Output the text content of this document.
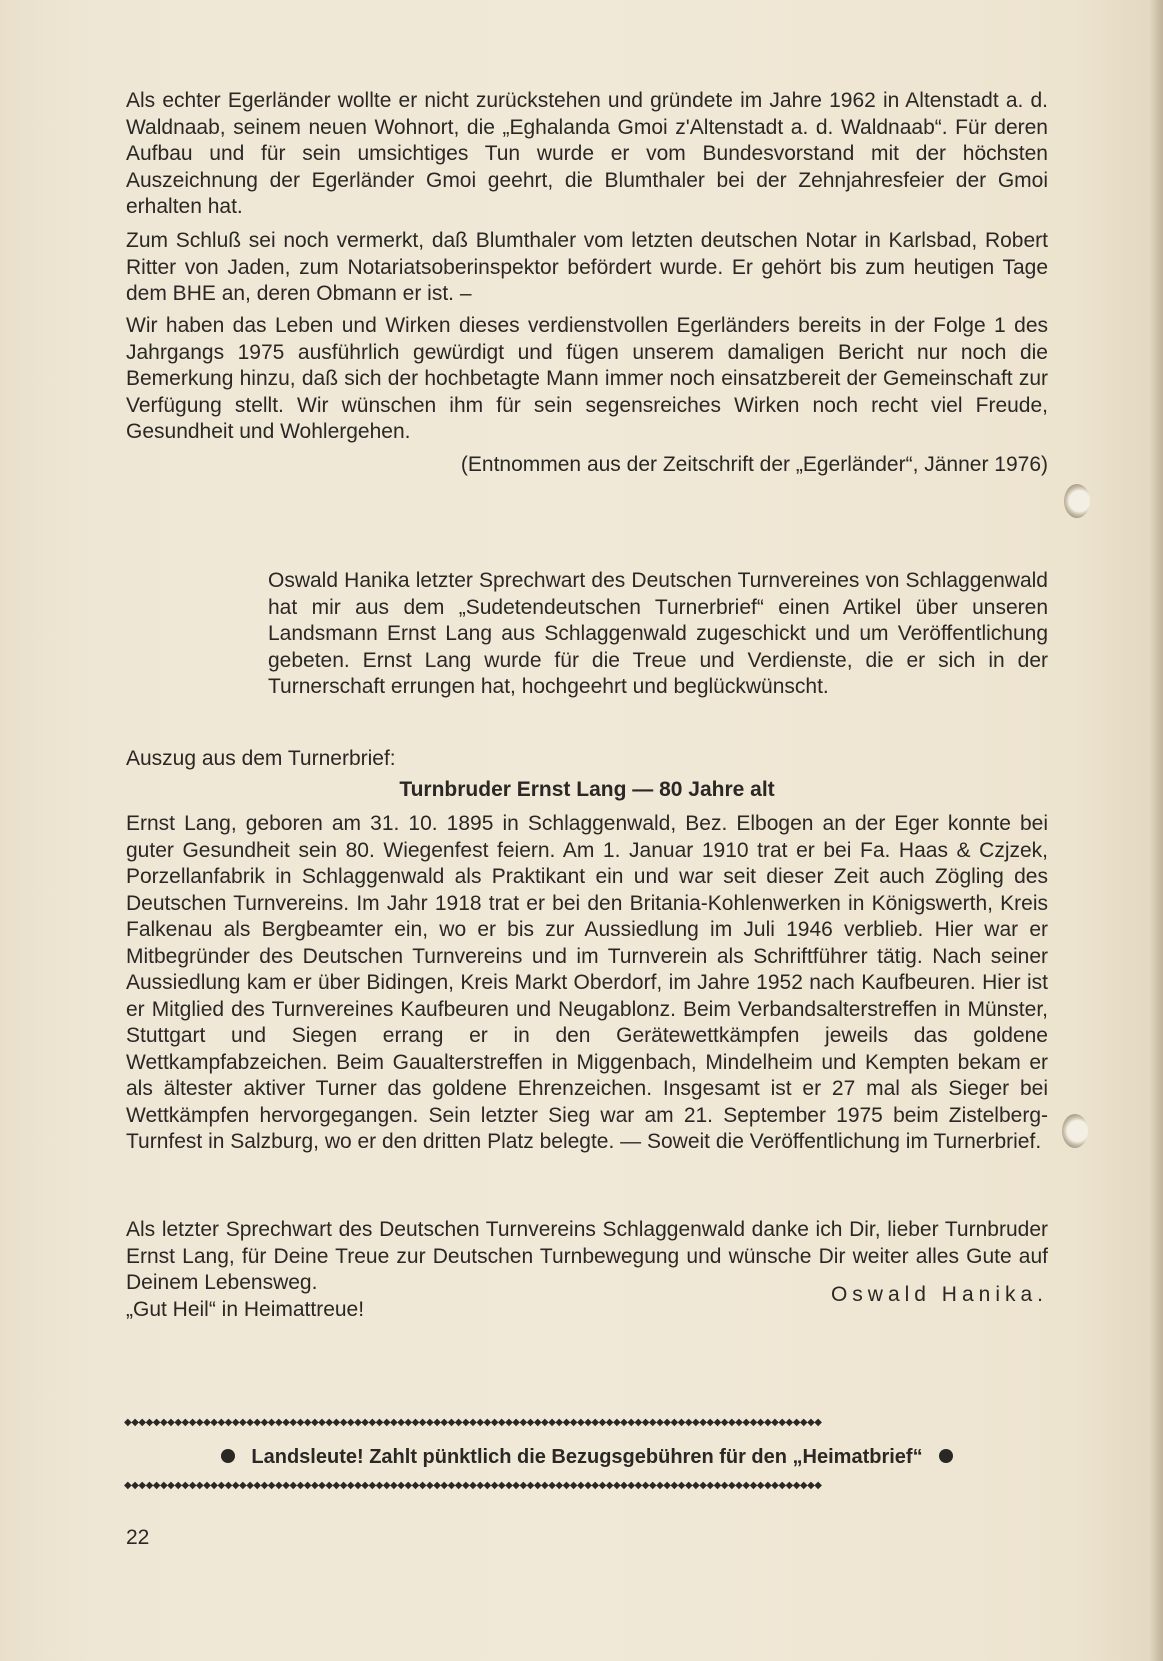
Als echter Egerländer wollte er nicht zurückstehen und gründete im Jahre 1962 in Altenstadt a. d. Waldnaab, seinem neuen Wohnort, die „Eghalanda Gmoi z'Altenstadt a. d. Waldnaab“. Für deren Aufbau und für sein umsichtiges Tun wurde er vom Bundesvorstand mit der höchsten Auszeichnung der Egerländer Gmoi geehrt, die Blumthaler bei der Zehnjahresfeier der Gmoi erhalten hat.

Zum Schluß sei noch vermerkt, daß Blumthaler vom letzten deutschen Notar in Karlsbad, Robert Ritter von Jaden, zum Notariatsoberinspektor befördert wurde. Er gehört bis zum heutigen Tage dem BHE an, deren Obmann er ist. –

Wir haben das Leben und Wirken dieses verdienstvollen Egerländers bereits in der Folge 1 des Jahrgangs 1975 ausführlich gewürdigt und fügen unserem damaligen Bericht nur noch die Bemerkung hinzu, daß sich der hochbetagte Mann immer noch einsatzbereit der Gemeinschaft zur Verfügung stellt. Wir wünschen ihm für sein segensreiches Wirken noch recht viel Freude, Gesundheit und Wohlergehen.

(Entnommen aus der Zeitschrift der „Egerländer“, Jänner 1976)
Oswald Hanika letzter Sprechwart des Deutschen Turnvereines von Schlaggenwald hat mir aus dem „Sudetendeutschen Turnerbrief“ einen Artikel über unseren Landsmann Ernst Lang aus Schlaggenwald zugeschickt und um Veröffentlichung gebeten. Ernst Lang wurde für die Treue und Verdienste, die er sich in der Turnerschaft errungen hat, hochgeehrt und beglückwünscht.
Auszug aus dem Turnerbrief:
Turnbruder Ernst Lang — 80 Jahre alt
Ernst Lang, geboren am 31. 10. 1895 in Schlaggenwald, Bez. Elbogen an der Eger konnte bei guter Gesundheit sein 80. Wiegenfest feiern. Am 1. Januar 1910 trat er bei Fa. Haas & Czjzek, Porzellanfabrik in Schlaggenwald als Praktikant ein und war seit dieser Zeit auch Zögling des Deutschen Turnvereins. Im Jahr 1918 trat er bei den Britania-Kohlenwerken in Königswerth, Kreis Falkenau als Bergbeamter ein, wo er bis zur Aussiedlung im Juli 1946 verblieb. Hier war er Mitbegründer des Deutschen Turnvereins und im Turnverein als Schriftführer tätig. Nach seiner Aussiedlung kam er über Bidingen, Kreis Markt Oberdorf, im Jahre 1952 nach Kaufbeuren. Hier ist er Mitglied des Turnvereines Kaufbeuren und Neugablonz. Beim Verbandsalterstreffen in Münster, Stuttgart und Siegen errang er in den Gerätewettkämpfen jeweils das goldene Wettkampfabzeichen. Beim Gaualterstreffen in Miggenbach, Mindelheim und Kempten bekam er als ältester aktiver Turner das goldene Ehrenzeichen. Insgesamt ist er 27 mal als Sieger bei Wettkämpfen hervorgegangen. Sein letzter Sieg war am 21. September 1975 beim Zistelberg-Turnfest in Salzburg, wo er den dritten Platz belegte. — Soweit die Veröffentlichung im Turnerbrief.
Als letzter Sprechwart des Deutschen Turnvereins Schlaggenwald danke ich Dir, lieber Turnbruder Ernst Lang, für Deine Treue zur Deutschen Turnbewegung und wünsche Dir weiter alles Gute auf Deinem Lebensweg.
„Gut Heil“ in Heimattreue!
Oswald Hanika.
◆◆◆◆◆◆◆◆◆◆◆◆◆◆◆◆◆◆◆◆◆◆◆◆◆◆◆◆◆◆◆◆◆◆◆◆◆◆◆◆◆◆◆◆◆◆◆◆◆◆◆◆◆◆◆◆◆◆◆◆◆◆◆◆◆◆◆◆◆◆◆◆◆◆◆◆◆◆◆◆◆◆◆◆◆◆◆◆◆◆◆◆◆◆◆◆◆
Landsleute! Zahlt pünktlich die Bezugsgebühren für den „Heimatbrief“
◆◆◆◆◆◆◆◆◆◆◆◆◆◆◆◆◆◆◆◆◆◆◆◆◆◆◆◆◆◆◆◆◆◆◆◆◆◆◆◆◆◆◆◆◆◆◆◆◆◆◆◆◆◆◆◆◆◆◆◆◆◆◆◆◆◆◆◆◆◆◆◆◆◆◆◆◆◆◆◆◆◆◆◆◆◆◆◆◆◆◆◆◆◆◆◆◆
22
